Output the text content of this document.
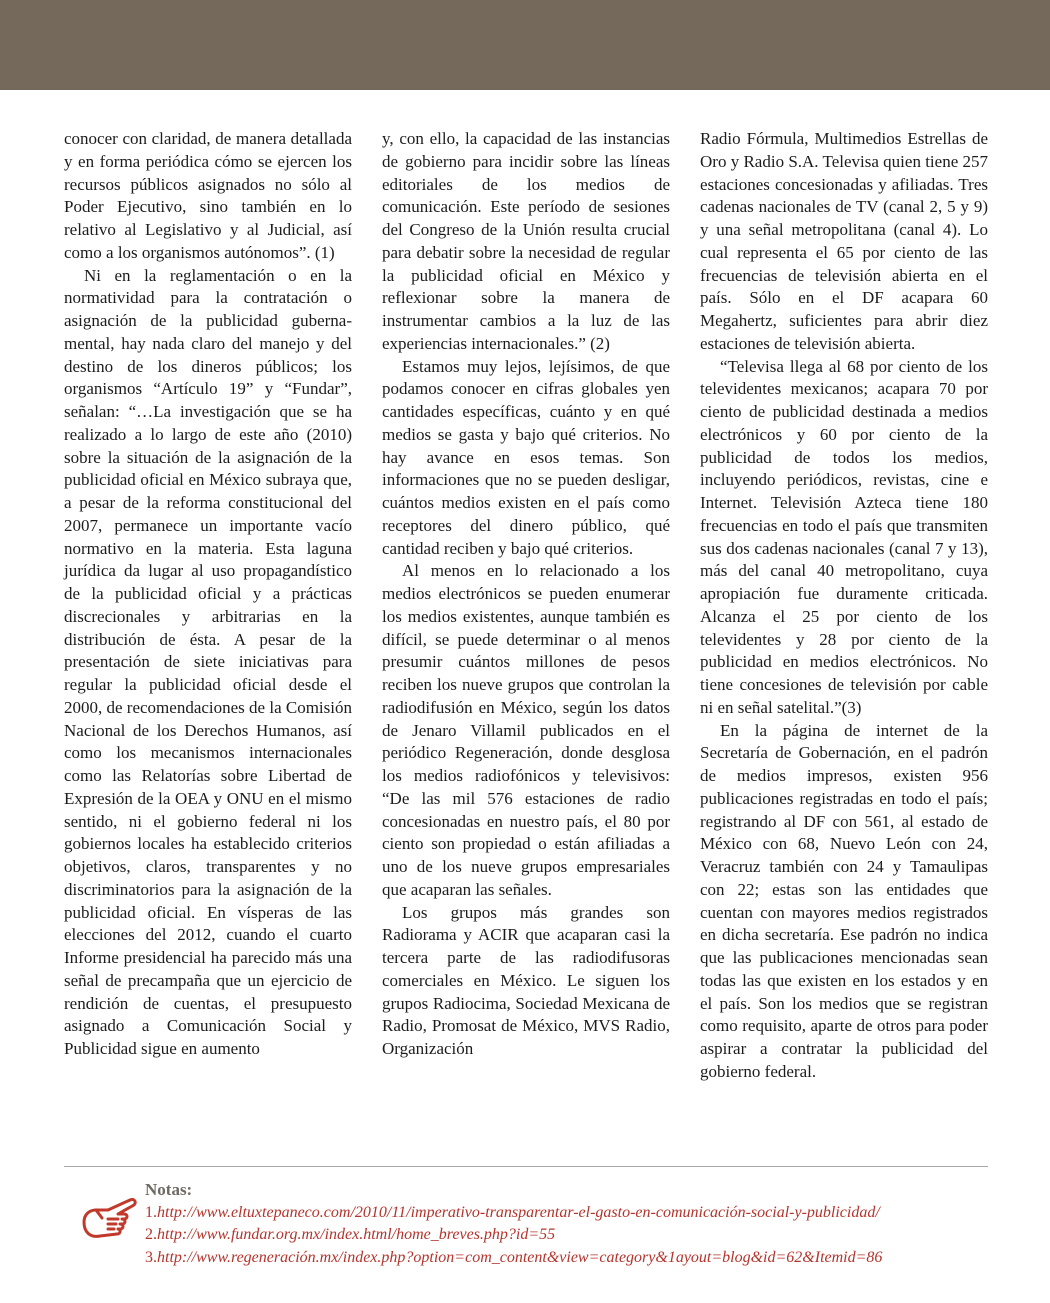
conocer con claridad, de manera detallada y en forma periódica cómo se ejercen los recursos públicos asignados no sólo al Poder Ejecutivo, sino también en lo relativo al Legislativo y al Judicial, así como a los organismos autónomos”. (1)

Ni en la reglamentación o en la normatividad para la contratación o asignación de la publicidad gubernamental, hay nada claro del manejo y del destino de los dineros públicos; los organismos “Artículo 19” y “Fundar”, señalan: “…La investigación que se ha realizado a lo largo de este año (2010) sobre la situación de la asignación de la publicidad oficial en México subraya que, a pesar de la reforma constitucional del 2007, permanece un importante vacío normativo en la materia. Esta laguna jurídica da lugar al uso propagandístico de la publicidad oficial y a prácticas discrecionales y arbitrarias en la distribución de ésta. A pesar de la presentación de siete iniciativas para regular la publicidad oficial desde el 2000, de recomendaciones de la Comisión Nacional de los Derechos Humanos, así como los mecanismos internacionales como las Relatorías sobre Libertad de Expresión de la OEA y ONU en el mismo sentido, ni el gobierno federal ni los gobiernos locales ha establecido criterios objetivos, claros, transparentes y no discriminatorios para la asignación de la publicidad oficial. En vísperas de las elecciones del 2012, cuando el cuarto Informe presidencial ha parecido más una señal de precampaña que un ejercicio de rendición de cuentas, el presupuesto asignado a Comunicación Social y Publicidad sigue en aumento

y, con ello, la capacidad de las instancias de gobierno para incidir sobre las líneas editoriales de los medios de comunicación. Este período de sesiones del Congreso de la Unión resulta crucial para debatir sobre la necesidad de regular la publicidad oficial en México y reflexionar sobre la manera de instrumentar cambios a la luz de las experiencias internacionales.” (2)

Estamos muy lejos, lejísimos, de que podamos conocer en cifras globales yen cantidades específicas, cuánto y en qué medios se gasta y bajo qué criterios. No hay avance en esos temas. Son informaciones que no se pueden desligar, cuántos medios existen en el país como receptores del dinero público, qué cantidad reciben y bajo qué criterios.

Al menos en lo relacionado a los medios electrónicos se pueden enumerar los medios existentes, aunque también es difícil, se puede determinar o al menos presumir cuántos millones de pesos reciben los nueve grupos que controlan la radiodifusión en México, según los datos de Jenaro Villamil publicados en el periódico Regeneración, donde desglosa los medios radiofónicos y televisivos: “De las mil 576 estaciones de radio concesionadas en nuestro país, el 80 por ciento son propiedad o están afiliadas a uno de los nueve grupos empresariales que acaparan las señales.

Los grupos más grandes son Radiorama y ACIR que acaparan casi la tercera parte de las radiodifusoras comerciales en México. Le siguen los grupos Radiocima, Sociedad Mexicana de Radio, Promosat de México, MVS Radio, Organización

Radio Fórmula, Multimedios Estrellas de Oro y Radio S.A. Televisa quien tiene 257 estaciones concesionadas y afiliadas. Tres cadenas nacionales de TV (canal 2, 5 y 9) y una señal metropolitana (canal 4). Lo cual representa el 65 por ciento de las frecuencias de televisión abierta en el país. Sólo en el DF acapara 60 Megahertz, suficientes para abrir diez estaciones de televisión abierta.

“Televisa llega al 68 por ciento de los televidentes mexicanos; acapara 70 por ciento de publicidad destinada a medios electrónicos y 60 por ciento de la publicidad de todos los medios, incluyendo periódicos, revistas, cine e Internet. Televisión Azteca tiene 180 frecuencias en todo el país que transmiten sus dos cadenas nacionales (canal 7 y 13), más del canal 40 metropolitano, cuya apropiación fue duramente criticada. Alcanza el 25 por ciento de los televidentes y 28 por ciento de la publicidad en medios electrónicos. No tiene concesiones de televisión por cable ni en señal satelital.”(3)

En la página de internet de la Secretaría de Gobernación, en el padrón de medios impresos, existen 956 publicaciones registradas en todo el país; registrando al DF con 561, al estado de México con 68, Nuevo León con 24, Veracruz también con 24 y Tamaulipas con 22; estas son las entidades que cuentan con mayores medios registrados en dicha secretaría. Ese padrón no indica que las publicaciones mencionadas sean todas las que existen en los estados y en el país. Son los medios que se registran como requisito, aparte de otros para poder aspirar a contratar la publicidad del gobierno federal.

Notas:
1.http://www.eltuxtepaneco.com/2010/11/imperativo-transparentar-el-gasto-en-comunicación-social-y-publicidad/
2.http://www.fundar.org.mx/index.html/home_breves.php?id=55
3.http://www.regeneración.mx/index.php?option=com_content&view=category&1ayout=blog&id=62&Itemid=86
